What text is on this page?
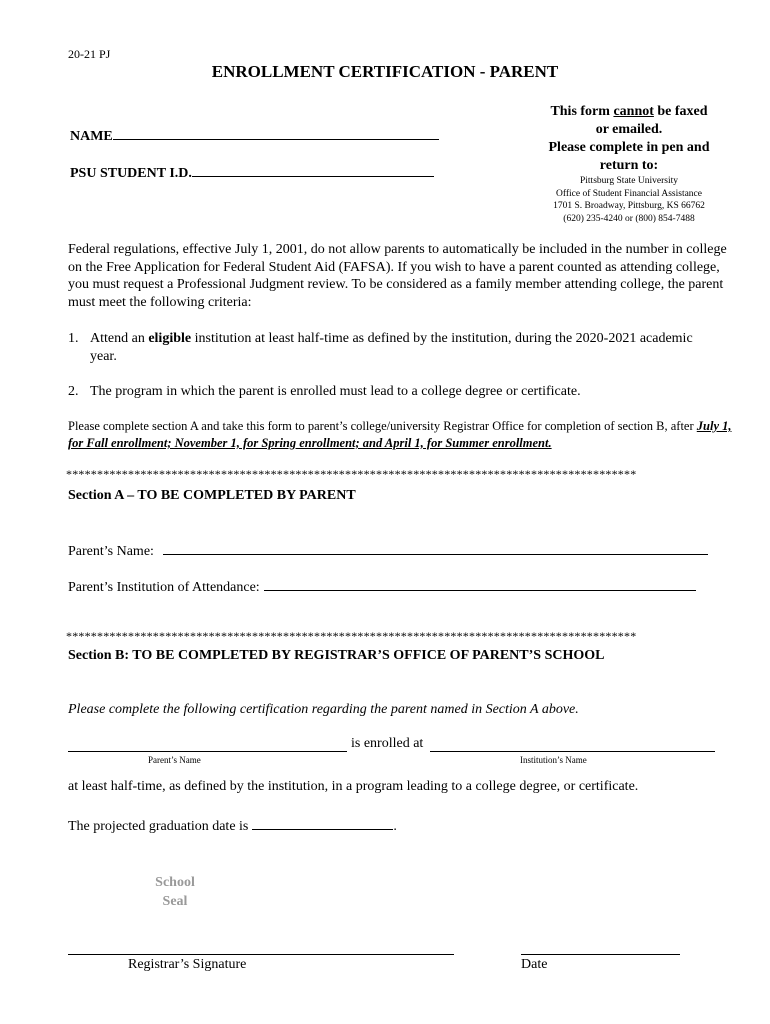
20-21 PJ
ENROLLMENT CERTIFICATION - PARENT
NAME
PSU STUDENT I.D.
This form cannot be faxed
or emailed.
Please complete in pen and
return to:
Pittsburg State University
Office of Student Financial Assistance
1701 S. Broadway, Pittsburg, KS 66762
(620) 235-4240 or (800) 854-7488
Federal regulations, effective July 1, 2001, do not allow parents to automatically be included in the number in college on the Free Application for Federal Student Aid (FAFSA). If you wish to have a parent counted as attending college, you must request a Professional Judgment review. To be considered as a family member attending college, the parent must meet the following criteria:
1. Attend an eligible institution at least half-time as defined by the institution, during the 2020-2021 academic year.
2. The program in which the parent is enrolled must lead to a college degree or certificate.
Please complete section A and take this form to parent’s college/university Registrar Office for completion of section B, after July 1, for Fall enrollment; November 1, for Spring enrollment; and April 1, for Summer enrollment.
********************************************************************************************
Section A – TO BE COMPLETED BY PARENT
Parent’s Name:
Parent’s Institution of Attendance:
********************************************************************************************
Section B: TO BE COMPLETED BY REGISTRAR’S OFFICE OF PARENT’S SCHOOL
Please complete the following certification regarding the parent named in Section A above.
is enrolled at
Parent’s Name	Institution’s Name
at least half-time, as defined by the institution, in a program leading to a college degree, or certificate.
The projected graduation date is	.
School
Seal
Registrar’s Signature	Date
